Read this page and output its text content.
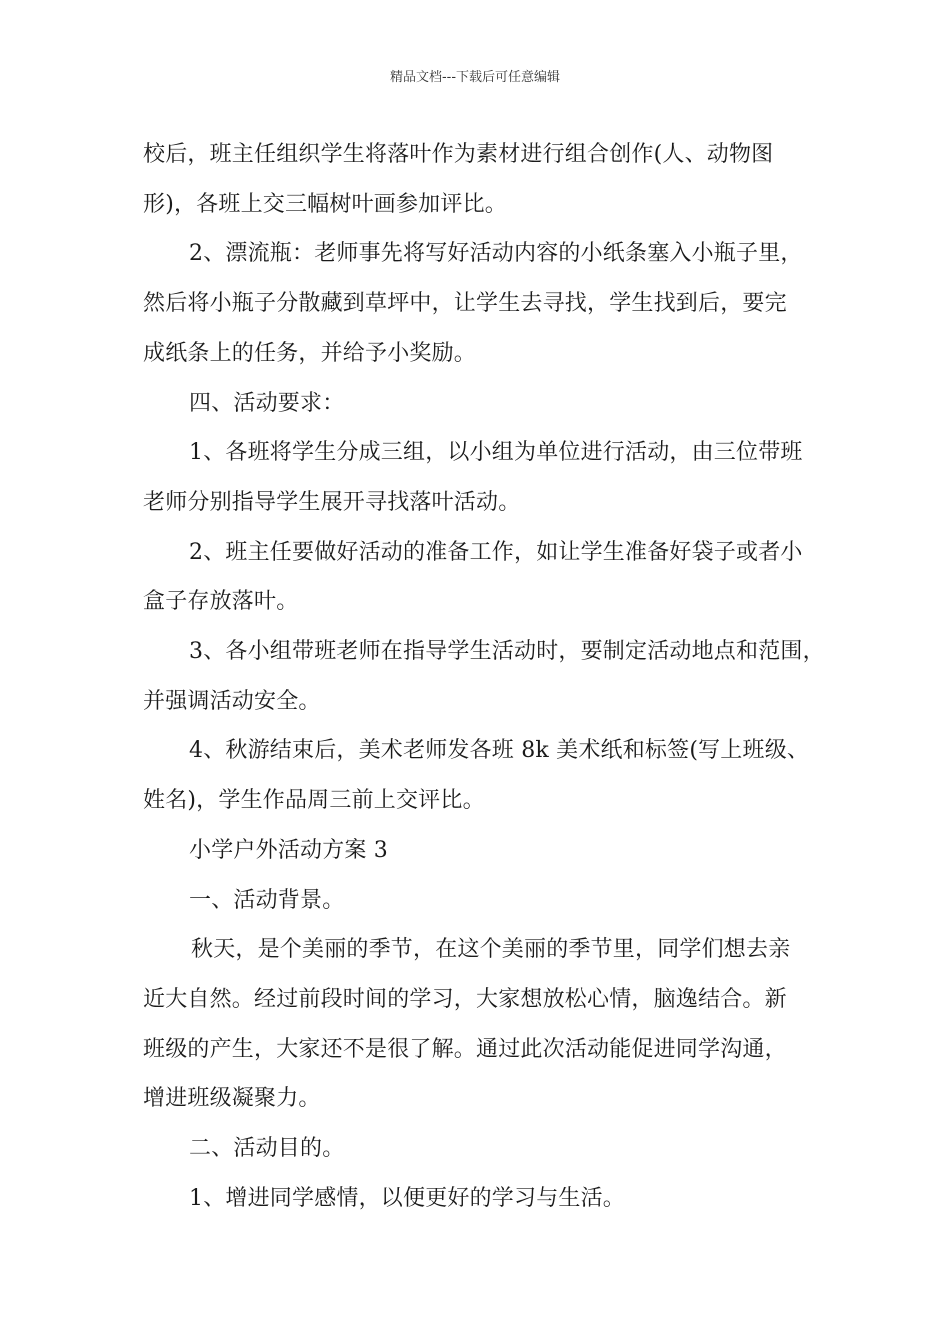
精品文档---下载后可任意编辑
校后，班主任组织学生将落叶作为素材进行组合创作(人、动物图
形)，各班上交三幅树叶画参加评比。
2、漂流瓶：老师事先将写好活动内容的小纸条塞入小瓶子里，
然后将小瓶子分散藏到草坪中，让学生去寻找，学生找到后，要完
成纸条上的任务，并给予小奖励。
四、活动要求：
1、各班将学生分成三组，以小组为单位进行活动，由三位带班
老师分别指导学生展开寻找落叶活动。
2、班主任要做好活动的准备工作，如让学生准备好袋子或者小
盒子存放落叶。
3、各小组带班老师在指导学生活动时，要制定活动地点和范围，
并强调活动安全。
4、秋游结束后，美术老师发各班 8k 美术纸和标签(写上班级、
姓名)，学生作品周三前上交评比。
小学户外活动方案 3
一、活动背景。
秋天，是个美丽的季节，在这个美丽的季节里，同学们想去亲
近大自然。经过前段时间的学习，大家想放松心情，脑逸结合。新
班级的产生，大家还不是很了解。通过此次活动能促进同学沟通，
增进班级凝聚力。
二、活动目的。
1、增进同学感情，以便更好的学习与生活。
